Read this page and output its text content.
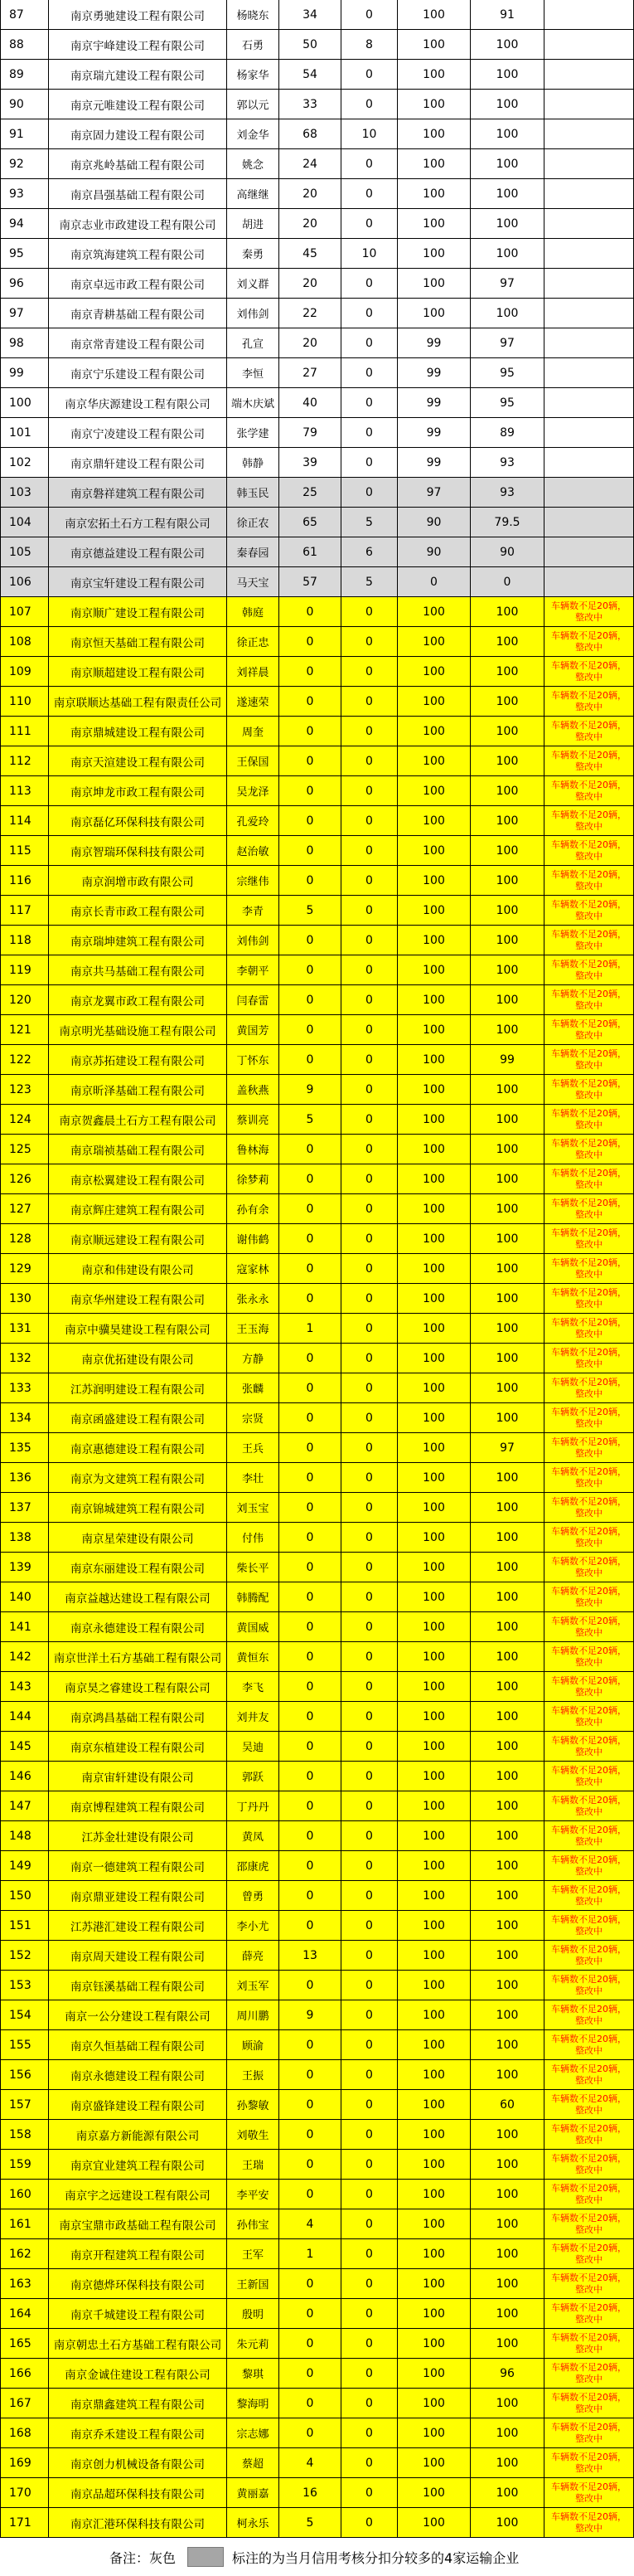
87	南京勇驰建设工程有限公司	杨晓东	34	0	100	91
88	南京宇峰建设工程有限公司	石勇	50	8	100	100
89	南京瑞亢建设工程有限公司	杨家华	54	0	100	100
90	南京元唯建设工程有限公司	郭以元	33	0	100	100
91	南京固力建设工程有限公司	刘金华	68	10	100	100
92	南京兆岭基础工程有限公司	姚念	24	0	100	100
93	南京昌强基础工程有限公司	高继继	20	0	100	100
94	南京志业市政建设工程有限公司	胡进	20	0	100	100
95	南京筑海建筑工程有限公司	秦勇	45	10	100	100
96	南京卓远市政工程有限公司	刘义群	20	0	100	97
97	南京青耕基础工程有限公司	刘伟剑	22	0	100	100
98	南京常青建设工程有限公司	孔宣	20	0	99	97
99	南京宁乐建设工程有限公司	李恒	27	0	99	95
100	南京华庆源建设工程有限公司	端木庆斌	40	0	99	95
101	南京宁凌建设工程有限公司	张学建	79	0	99	89
102	南京鼎轩建设工程有限公司	韩静	39	0	99	93
103	南京磐祥建筑工程有限公司	韩玉民	25	0	97	93
104	南京宏拓土石方工程有限公司	徐正农	65	5	90	79.5
105	南京德益建设工程有限公司	秦春园	61	6	90	90
106	南京宝轩建设工程有限公司	马天宝	57	5	0	0
107	南京顺广建设工程有限公司	韩庭	0	0	100	100	车辆数不足20辆，整改中
108	南京恒天基础工程有限公司	徐正忠	0	0	100	100	车辆数不足20辆，整改中
109	南京顺超建设工程有限公司	刘祥晨	0	0	100	100	车辆数不足20辆，整改中
110	南京联顺达基础工程有限责任公司	遂速荣	0	0	100	100	车辆数不足20辆，整改中
111	南京鼎城建设工程有限公司	周奎	0	0	100	100	车辆数不足20辆，整改中
112	南京天渲建设工程有限公司	王保国	0	0	100	100	车辆数不足20辆，整改中
113	南京坤龙市政工程有限公司	吴龙泽	0	0	100	100	车辆数不足20辆，整改中
114	南京磊亿环保科技有限公司	孔爱玲	0	0	100	100	车辆数不足20辆，整改中
115	南京智瑞环保科技有限公司	赵治敏	0	0	100	100	车辆数不足20辆，整改中
116	南京润增市政有限公司	宗继伟	0	0	100	100	车辆数不足20辆，整改中
117	南京长青市政工程有限公司	李青	5	0	100	100	车辆数不足20辆，整改中
118	南京瑞坤建筑工程有限公司	刘伟剑	0	0	100	100	车辆数不足20辆，整改中
119	南京共马基础工程有限公司	李朝平	0	0	100	100	车辆数不足20辆，整改中
120	南京龙翼市政工程有限公司	闫春雷	0	0	100	100	车辆数不足20辆，整改中
121	南京明光基础设施工程有限公司	黄国芳	0	0	100	100	车辆数不足20辆，整改中
122	南京苏拓建设工程有限公司	丁怀东	0	0	100	99	车辆数不足20辆，整改中
123	南京昕泽基础工程有限公司	盖秋燕	9	0	100	100	车辆数不足20辆，整改中
124	南京贺鑫晨土石方工程有限公司	蔡训亮	5	0	100	100	车辆数不足20辆，整改中
125	南京瑞祯基础工程有限公司	鲁林海	0	0	100	100	车辆数不足20辆，整改中
126	南京松翼建设工程有限公司	徐梦莉	0	0	100	100	车辆数不足20辆，整改中
127	南京辉庄建筑工程有限公司	孙有余	0	0	100	100	车辆数不足20辆，整改中
128	南京顺远建设工程有限公司	谢伟鹤	0	0	100	100	车辆数不足20辆，整改中
129	南京和伟建设有限公司	寇家林	0	0	100	100	车辆数不足20辆，整改中
130	南京华州建设工程有限公司	张永永	0	0	100	100	车辆数不足20辆，整改中
131	南京中骥昊建设工程有限公司	王玉海	1	0	100	100	车辆数不足20辆，整改中
132	南京优拓建设有限公司	方静	0	0	100	100	车辆数不足20辆，整改中
133	江苏润明建设工程有限公司	张麟	0	0	100	100	车辆数不足20辆，整改中
134	南京函盛建设工程有限公司	宗贤	0	0	100	100	车辆数不足20辆，整改中
135	南京惠德建设工程有限公司	王兵	0	0	100	97	车辆数不足20辆，整改中
136	南京为文建筑工程有限公司	李壮	0	0	100	100	车辆数不足20辆，整改中
137	南京锦城建筑工程有限公司	刘玉宝	0	0	100	100	车辆数不足20辆，整改中
138	南京星荣建设有限公司	付伟	0	0	100	100	车辆数不足20辆，整改中
139	南京东丽建设工程有限公司	柴长平	0	0	100	100	车辆数不足20辆，整改中
140	南京益越达建设工程有限公司	韩腾配	0	0	100	100	车辆数不足20辆，整改中
141	南京永德建设工程有限公司	黄国威	0	0	100	100	车辆数不足20辆，整改中
142	南京世洋土石方基础工程有限公司	黄恒东	0	0	100	100	车辆数不足20辆，整改中
143	南京昊之睿建设工程有限公司	李飞	0	0	100	100	车辆数不足20辆，整改中
144	南京鸿昌基础工程有限公司	刘井友	0	0	100	100	车辆数不足20辆，整改中
145	南京东植建设工程有限公司	吴迪	0	0	100	100	车辆数不足20辆，整改中
146	南京宙轩建设有限公司	郭跃	0	0	100	100	车辆数不足20辆，整改中
147	南京博程建筑工程有限公司	丁丹丹	0	0	100	100	车辆数不足20辆，整改中
148	江苏金壮建设有限公司	黄凤	0	0	100	100	车辆数不足20辆，整改中
149	南京一德建筑工程有限公司	邵康虎	0	0	100	100	车辆数不足20辆，整改中
150	南京鼎亚建设工程有限公司	曾勇	0	0	100	100	车辆数不足20辆，整改中
151	江苏港汇建设工程有限公司	李小尤	0	0	100	100	车辆数不足20辆，整改中
152	南京周天建设工程有限公司	薛亮	13	0	100	100	车辆数不足20辆，整改中
153	南京钰溪基础工程有限公司	刘玉军	0	0	100	100	车辆数不足20辆，整改中
154	南京一公分建设工程有限公司	周川鹏	9	0	100	100	车辆数不足20辆，整改中
155	南京久恒基础工程有限公司	顾渝	0	0	100	100	车辆数不足20辆，整改中
156	南京永德建设工程有限公司	王振	0	0	100	100	车辆数不足20辆，整改中
157	南京盛锋建设工程有限公司	孙黎敏	0	0	100	60	车辆数不足20辆，整改中
158	南京嘉方新能源有限公司	刘敬生	0	0	100	100	车辆数不足20辆，整改中
159	南京宜业建筑工程有限公司	王瑞	0	0	100	100	车辆数不足20辆，整改中
160	南京宇之远建设工程有限公司	李平安	0	0	100	100	车辆数不足20辆，整改中
161	南京宝鼎市政基础工程有限公司	孙伟宝	4	0	100	100	车辆数不足20辆，整改中
162	南京开程建筑工程有限公司	王军	1	0	100	100	车辆数不足20辆，整改中
163	南京德烨环保科技有限公司	王新国	0	0	100	100	车辆数不足20辆，整改中
164	南京千城建设工程有限公司	殷明	0	0	100	100	车辆数不足20辆，整改中
165	南京朝忠土石方基础工程有限公司	朱元莉	0	0	100	100	车辆数不足20辆，整改中
166	南京金诚住建设工程有限公司	黎琪	0	0	100	96	车辆数不足20辆，整改中
167	南京鼎鑫建筑工程有限公司	黎海明	0	0	100	100	车辆数不足20辆，整改中
168	南京乔禾建设工程有限公司	宗志娜	0	0	100	100	车辆数不足20辆，整改中
169	南京创力机械设备有限公司	蔡超	4	0	100	100	车辆数不足20辆，整改中
170	南京品超环保科技有限公司	黄丽嘉	16	0	100	100	车辆数不足20辆，整改中
171	南京汇港环保科技有限公司	柯永乐	5	0	100	100	车辆数不足20辆，整改中
备注：灰色	标注的为当月信用考核分扣分较多的4家运输企业
